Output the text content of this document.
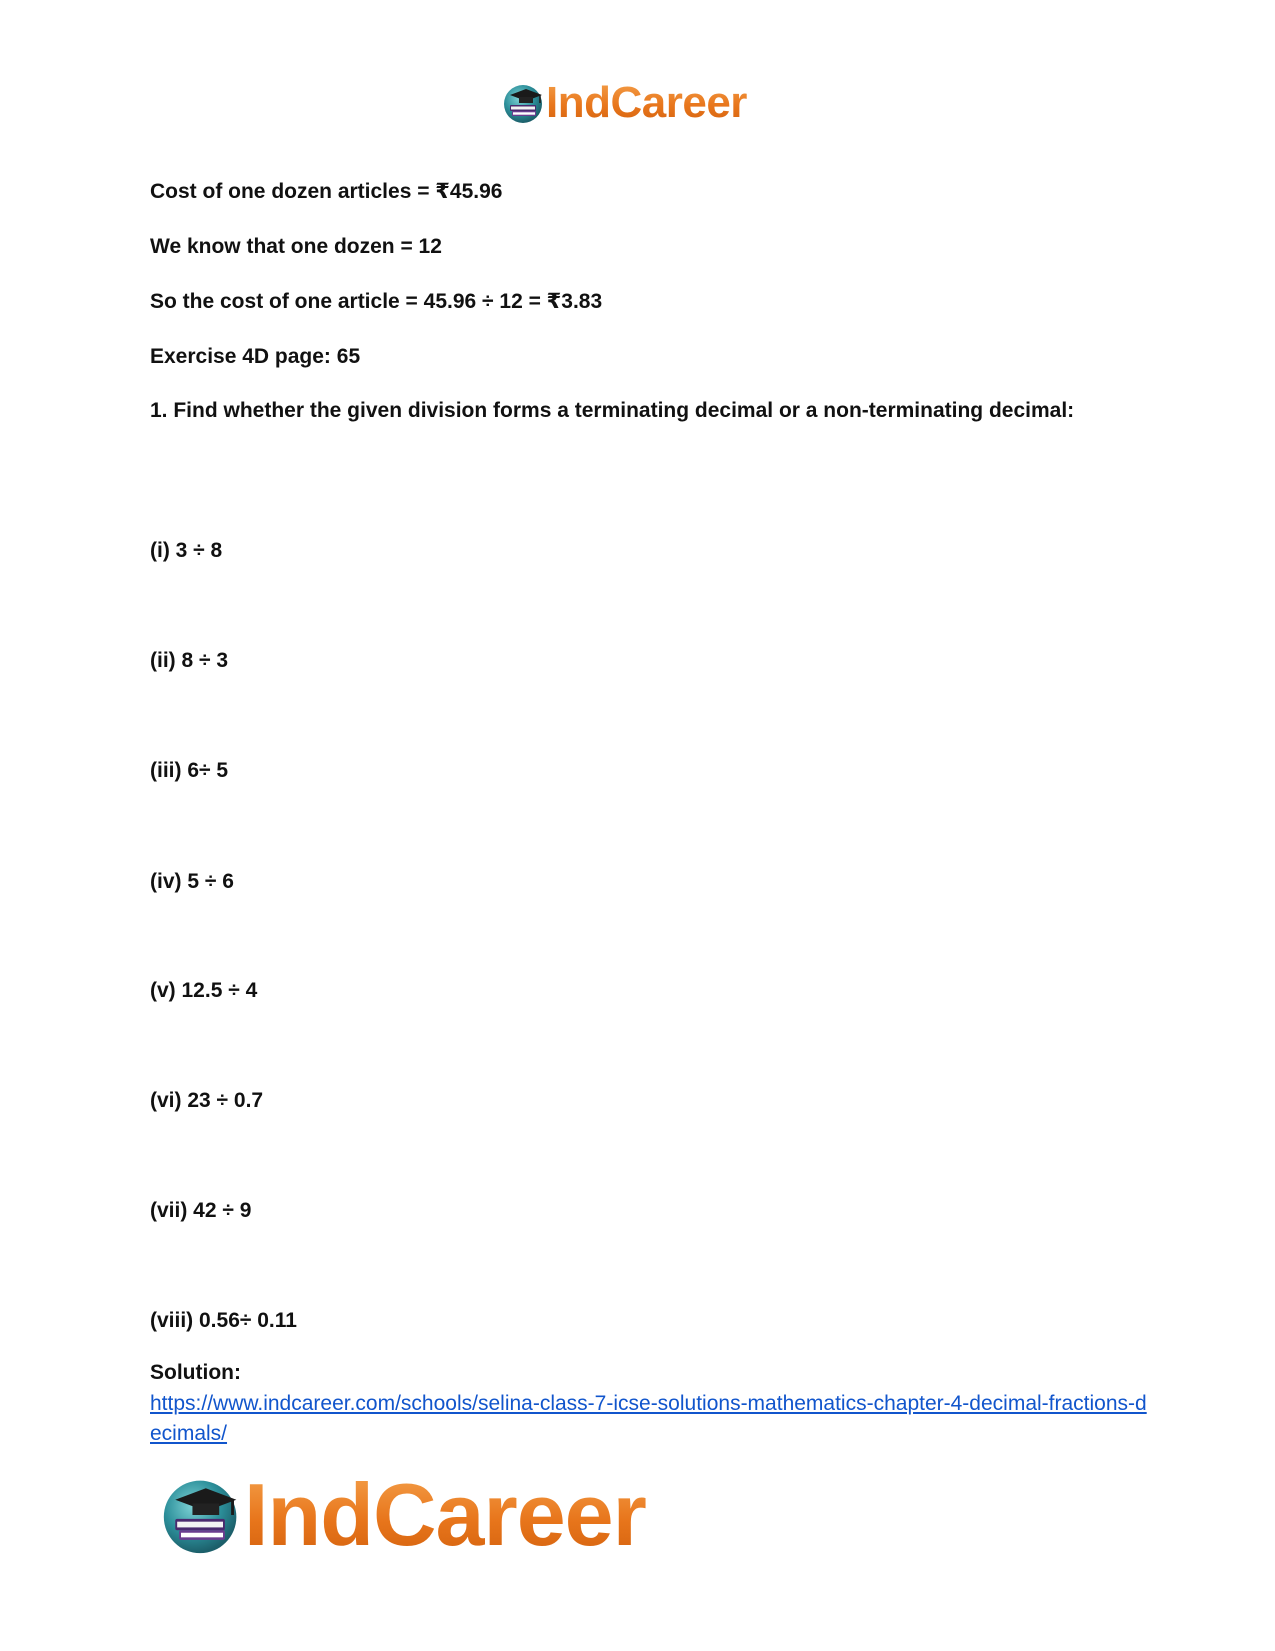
IndCareer
Cost of one dozen articles = ₹45.96
We know that one dozen = 12
So the cost of one article = 45.96 ÷ 12 = ₹3.83
Exercise 4D page: 65
1. Find whether the given division forms a terminating decimal or a non-terminating decimal:
(i) 3 ÷ 8
(ii) 8 ÷ 3
(iii) 6÷ 5
(iv) 5 ÷ 6
(v) 12.5 ÷ 4
(vi) 23 ÷ 0.7
(vii) 42 ÷ 9
(viii) 0.56÷ 0.11
Solution:
https://www.indcareer.com/schools/selina-class-7-icse-solutions-mathematics-chapter-4-decimal-fractions-decimals/
IndCareer
